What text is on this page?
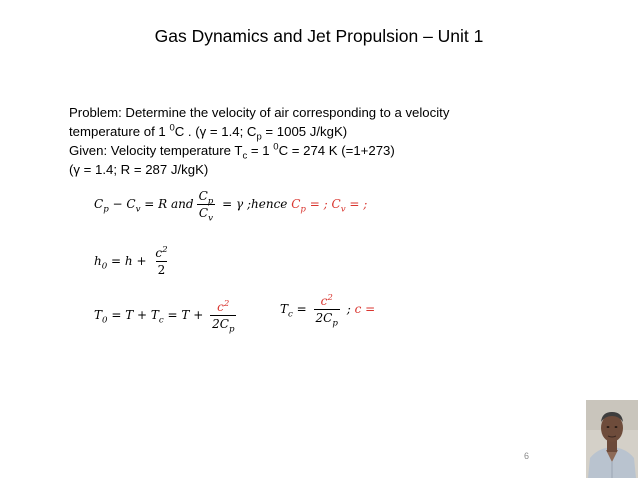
Gas Dynamics and Jet Propulsion – Unit 1
Problem: Determine the velocity of air corresponding to a velocity
temperature of 1 $^0$C . (γ = 1.4; $C_p = 1005$ J/kgK)
Given: Velocity temperature $T_c = 1$ $^0$C = 274 K (=1+273)
(γ = 1.4; R = 287 J/kgK)
$C_p - C_v = R$ and $\frac{C_p}{C_v} = \gamma$ ;hence $C_p$ = ; $C_v$ = ;
$h_0 = h + \frac{c^2}{2}$
$T_0 = T + T_c = T + \frac{c^2}{2C_p}$	$T_c = \frac{c^2}{2C_p}$ ; c =
6
